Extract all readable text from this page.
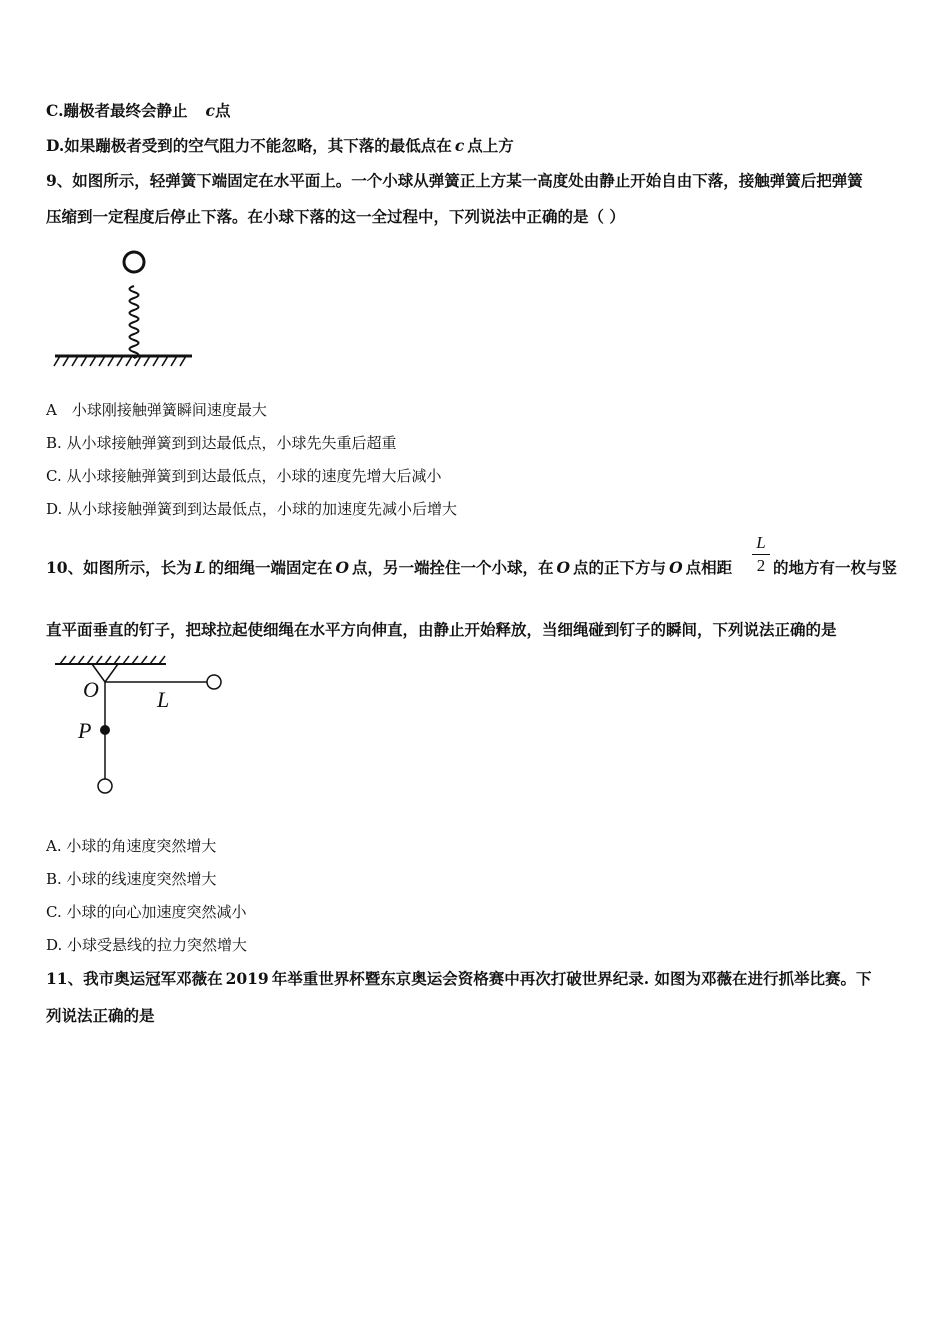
C.蹦极者最终会静止 c点
D.如果蹦极者受到的空气阻力不能忽略，其下落的最低点在 c 点上方
9、如图所示，轻弹簧下端固定在水平面上。一个小球从弹簧正上方某一高度处由静止开始自由下落，接触弹簧后把弹簧
压缩到一定程度后停止下落。在小球下落的这一全过程中，下列说法中正确的是（ ）
A　小球刚接触弹簧瞬间速度最大
B. 从小球接触弹簧到到达最低点，小球先失重后超重
C. 从小球接触弹簧到到达最低点，小球的速度先增大后减小
D. 从小球接触弹簧到到达最低点，小球的加速度先减小后增大
10、如图所示，长为 L 的细绳一端固定在 O 点，另一端拴住一个小球，在 O 点的正下方与 O 点相距
L
2 的地方有一枚与竖
直平面垂直的钉子，把球拉起使细绳在水平方向伸直，由静止开始释放，当细绳碰到钉子的瞬间，下列说法正确的是
O	L
P
A. 小球的角速度突然增大
B. 小球的线速度突然增大
C. 小球的向心加速度突然减小
D. 小球受悬线的拉力突然增大
11、我市奥运冠军邓薇在 2019 年举重世界杯暨东京奥运会资格赛中再次打破世界纪录. 如图为邓薇在进行抓举比赛。下
列说法正确的是
